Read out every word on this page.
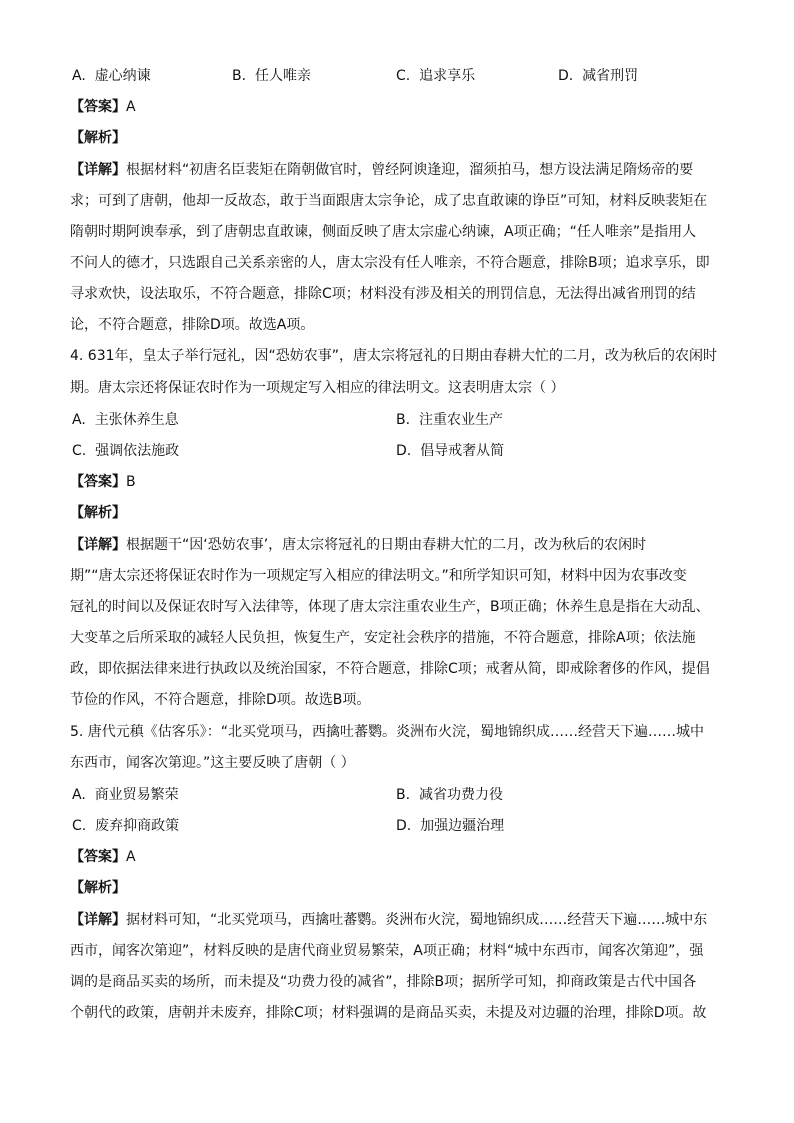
A. 虚心纳谏	B. 任人唯亲	C. 追求享乐	D. 减省刑罚
【答案】A
【解析】
【详解】根据材料“初唐名臣裴矩在隋朝做官时，曾经阿谀逢迎，溜须拍马，想方设法满足隋炀帝的要
求；可到了唐朝，他却一反故态，敢于当面跟唐太宗争论，成了忠直敢谏的诤臣”可知，材料反映裴矩在
隋朝时期阿谀奉承，到了唐朝忠直敢谏，侧面反映了唐太宗虚心纳谏，A项正确；“任人唯亲”是指用人
不问人的德才，只选跟自己关系亲密的人，唐太宗没有任人唯亲，不符合题意，排除B项；追求享乐，即
寻求欢快，设法取乐，不符合题意，排除C项；材料没有涉及相关的刑罚信息，无法得出减省刑罚的结
论，不符合题意，排除D项。故选A项。
4. 631年，皇太子举行冠礼，因“恐妨农事”，唐太宗将冠礼的日期由春耕大忙的二月，改为秋后的农闲时
期。唐太宗还将保证农时作为一项规定写入相应的律法明文。这表明唐太宗（ ）
A. 主张休养生息	B. 注重农业生产
C. 强调依法施政	D. 倡导戒奢从简
【答案】B
【解析】
【详解】根据题干“因‘恐妨农事’，唐太宗将冠礼的日期由春耕大忙的二月，改为秋后的农闲时
期”“唐太宗还将保证农时作为一项规定写入相应的律法明文。”和所学知识可知，材料中因为农事改变
冠礼的时间以及保证农时写入法律等，体现了唐太宗注重农业生产，B项正确；休养生息是指在大动乱、
大变革之后所采取的减轻人民负担，恢复生产，安定社会秩序的措施，不符合题意，排除A项；依法施
政，即依据法律来进行执政以及统治国家，不符合题意，排除C项；戒奢从简，即戒除奢侈的作风，提倡
节俭的作风，不符合题意，排除D项。故选B项。
5. 唐代元稹《估客乐》：“北买党项马，西擒吐蕃鹦。炎洲布火浣，蜀地锦织成……经营天下遍……城中
东西市，闻客次第迎。”这主要反映了唐朝（ ）
A. 商业贸易繁荣	B. 减省功费力役
C. 废弃抑商政策	D. 加强边疆治理
【答案】A
【解析】
【详解】据材料可知，“北买党项马，西擒吐蕃鹦。炎洲布火浣，蜀地锦织成……经营天下遍……城中东
西市，闻客次第迎”，材料反映的是唐代商业贸易繁荣，A项正确；材料“城中东西市，闻客次第迎”，强
调的是商品买卖的场所，而未提及“功费力役的减省”，排除B项；据所学可知，抑商政策是古代中国各
个朝代的政策，唐朝并未废弃，排除C项；材料强调的是商品买卖，未提及对边疆的治理，排除D项。故
